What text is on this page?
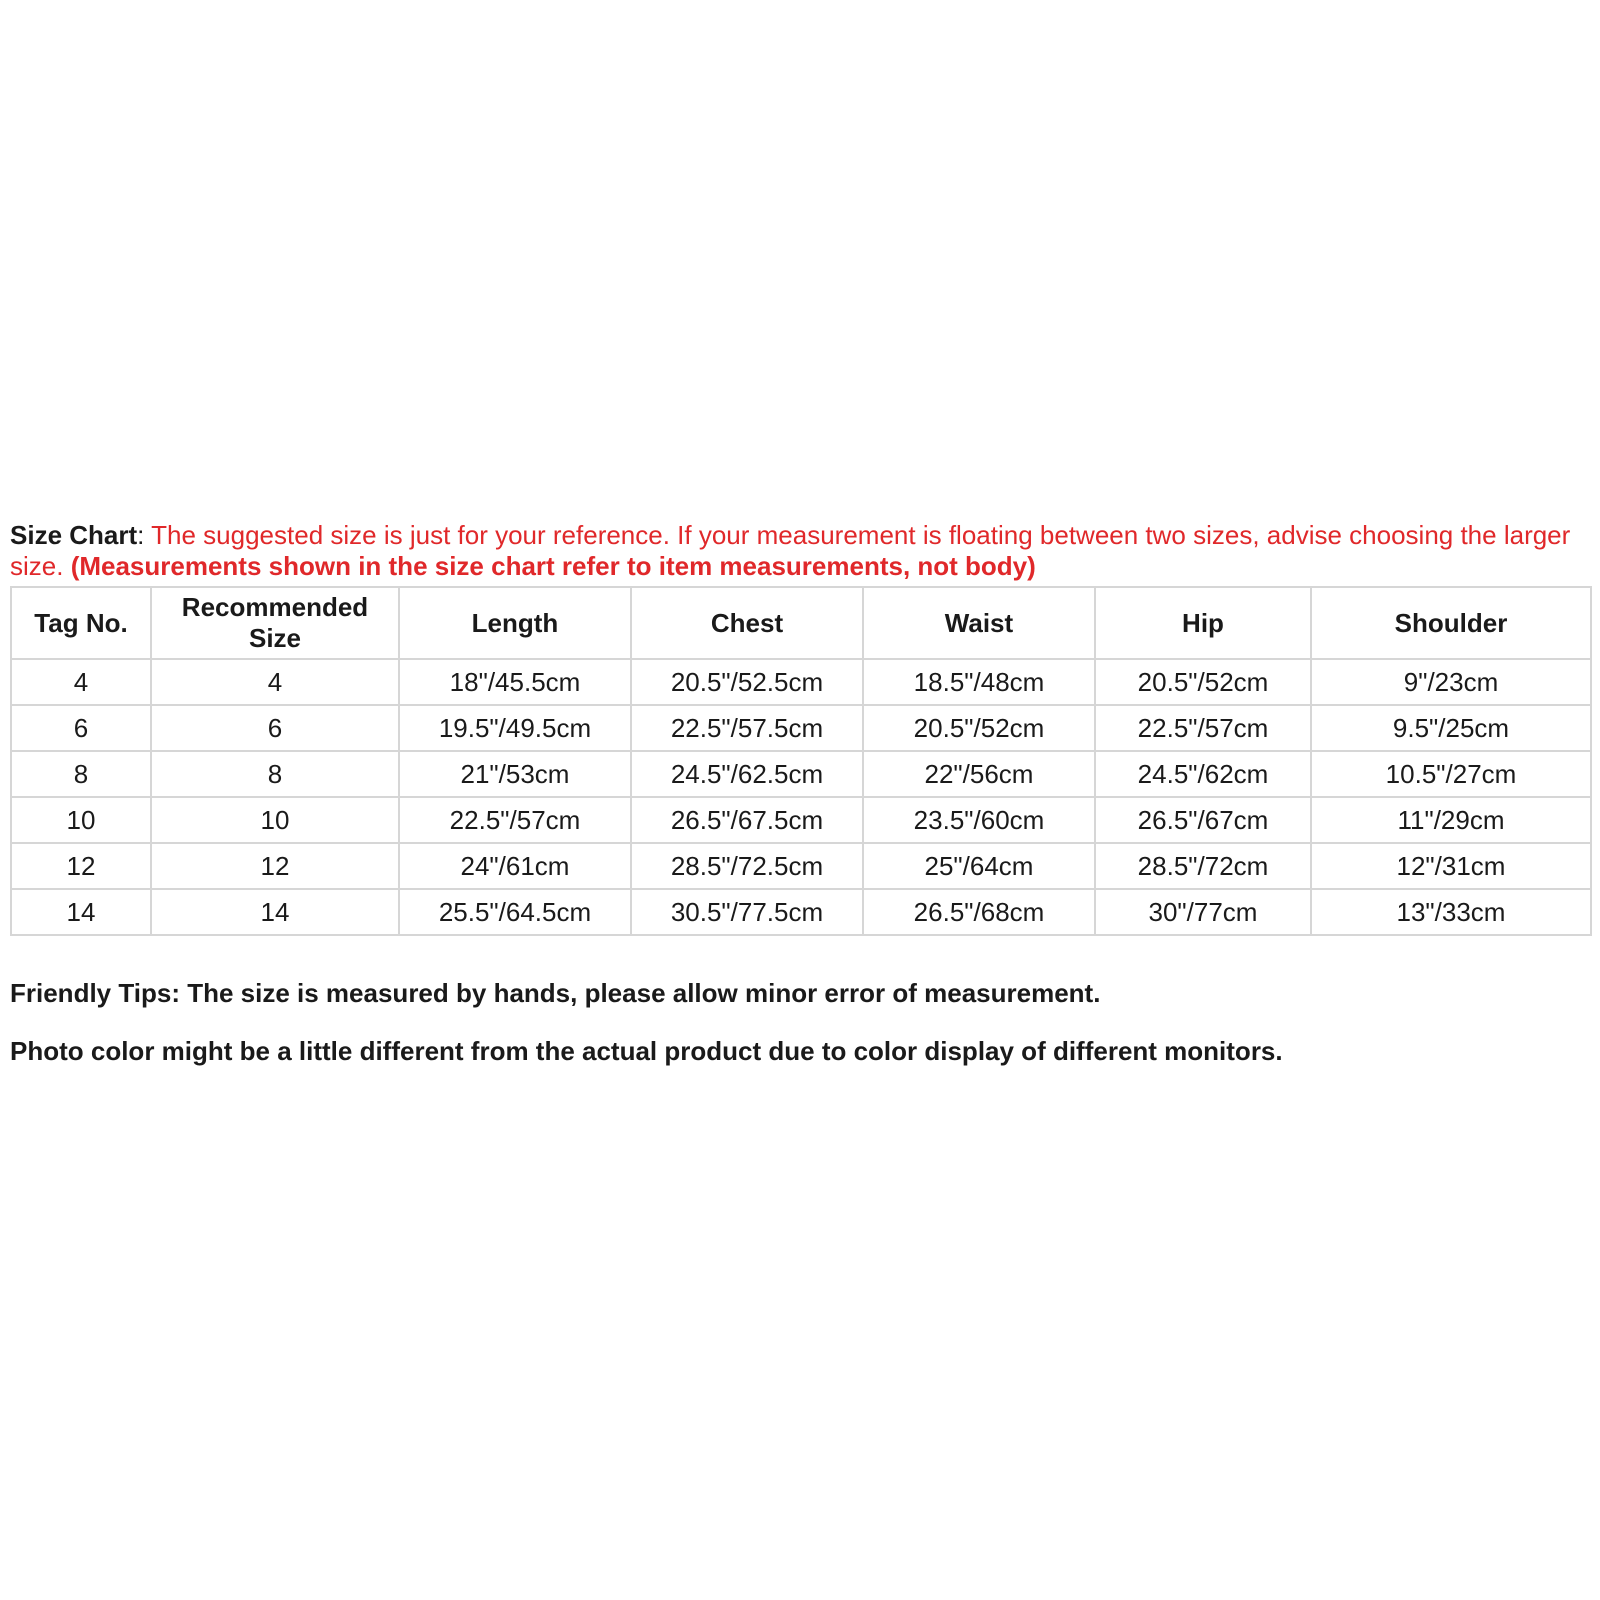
Size Chart: The suggested size is just for your reference. If your measurement is floating between two sizes, advise choosing the larger size. (Measurements shown in the size chart refer to item measurements, not body)

Tag No.	Recommended Size	Length	Chest	Waist	Hip	Shoulder
4	4	18"/45.5cm	20.5"/52.5cm	18.5"/48cm	20.5"/52cm	9"/23cm
6	6	19.5"/49.5cm	22.5"/57.5cm	20.5"/52cm	22.5"/57cm	9.5"/25cm
8	8	21"/53cm	24.5"/62.5cm	22"/56cm	24.5"/62cm	10.5"/27cm
10	10	22.5"/57cm	26.5"/67.5cm	23.5"/60cm	26.5"/67cm	11"/29cm
12	12	24"/61cm	28.5"/72.5cm	25"/64cm	28.5"/72cm	12"/31cm
14	14	25.5"/64.5cm	30.5"/77.5cm	26.5"/68cm	30"/77cm	13"/33cm

Friendly Tips: The size is measured by hands, please allow minor error of measurement.

Photo color might be a little different from the actual product due to color display of different monitors.
